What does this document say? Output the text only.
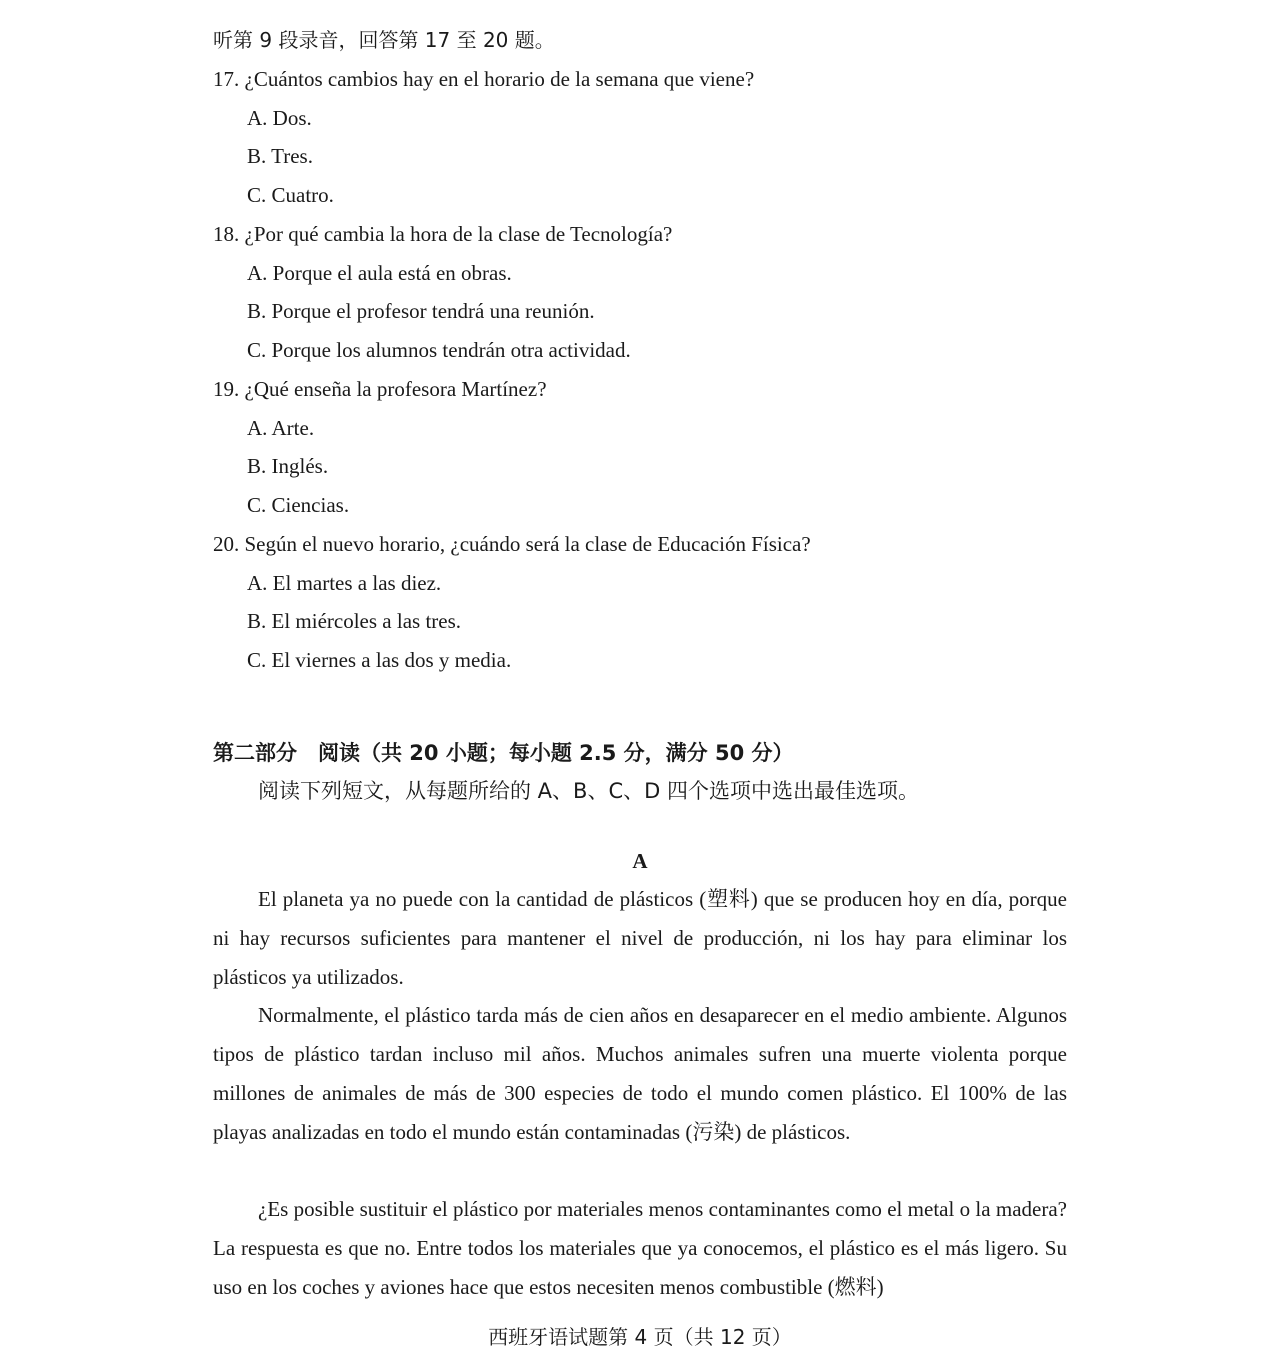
听第 9 段录音，回答第 17 至 20 题。
17. ¿Cuántos cambios hay en el horario de la semana que viene?
A. Dos.
B. Tres.
C. Cuatro.
18. ¿Por qué cambia la hora de la clase de Tecnología?
A. Porque el aula está en obras.
B. Porque el profesor tendrá una reunión.
C. Porque los alumnos tendrán otra actividad.
19. ¿Qué enseña la profesora Martínez?
A. Arte.
B. Inglés.
C. Ciencias.
20. Según el nuevo horario, ¿cuándo será la clase de Educación Física?
A. El martes a las diez.
B. El miércoles a las tres.
C. El viernes a las dos y media.
第二部分　阅读（共 20 小题；每小题 2.5 分，满分 50 分）
阅读下列短文，从每题所给的 A、B、C、D 四个选项中选出最佳选项。
A

El planeta ya no puede con la cantidad de plásticos (塑料) que se producen hoy en día, porque ni hay recursos suficientes para mantener el nivel de producción, ni los hay para eliminar los plásticos ya utilizados.

Normalmente, el plástico tarda más de cien años en desaparecer en el medio ambiente. Algunos tipos de plástico tardan incluso mil años. Muchos animales sufren una muerte violenta porque millones de animales de más de 300 especies de todo el mundo comen plástico. El 100% de las playas analizadas en todo el mundo están contaminadas (污染) de plásticos.

¿Es posible sustituir el plástico por materiales menos contaminantes como el metal o la madera? La respuesta es que no. Entre todos los materiales que ya conocemos, el plástico es el más ligero. Su uso en los coches y aviones hace que estos necesiten menos combustible (燃料)

西班牙语试题第 4 页（共 12 页）
